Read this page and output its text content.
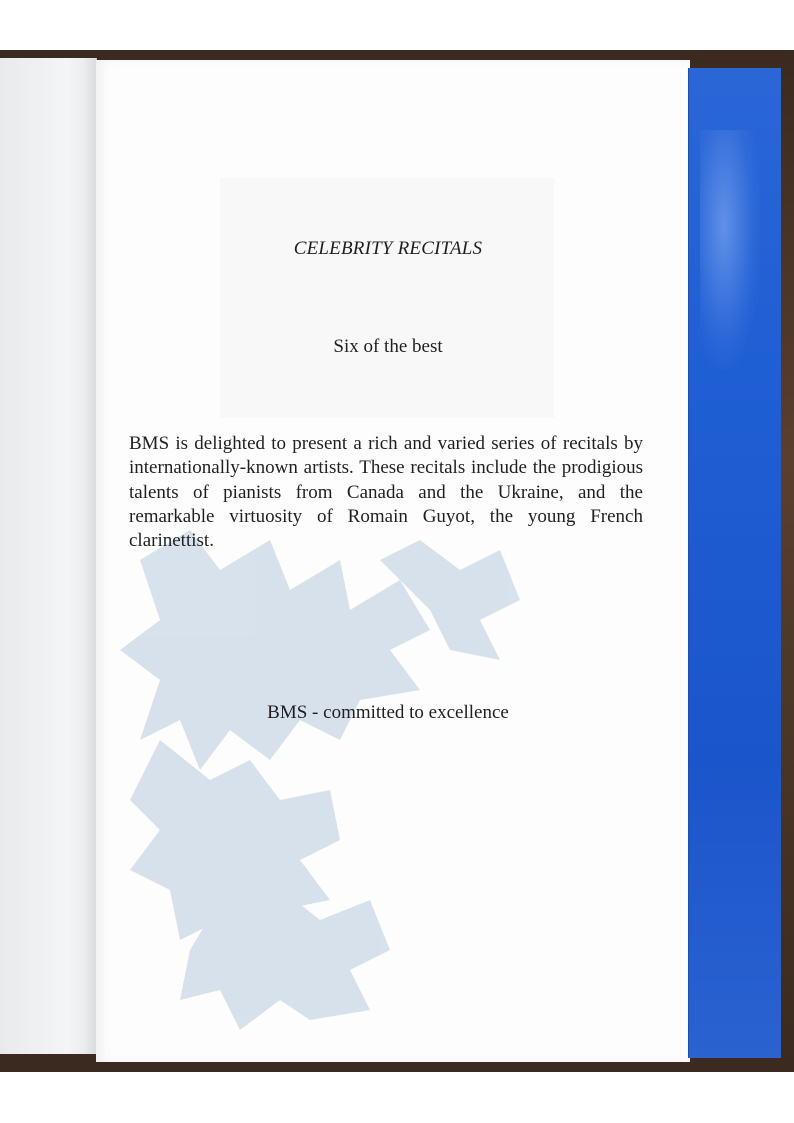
CELEBRITY RECITALS
Six of the best

BMS is delighted to present a rich and varied series of recitals by internationally-known artists. These recitals include the prodigious talents of pianists from Canada and the Ukraine, and the remarkable virtuosity of Romain Guyot, the young French clarinettist.

BMS - committed to excellence
